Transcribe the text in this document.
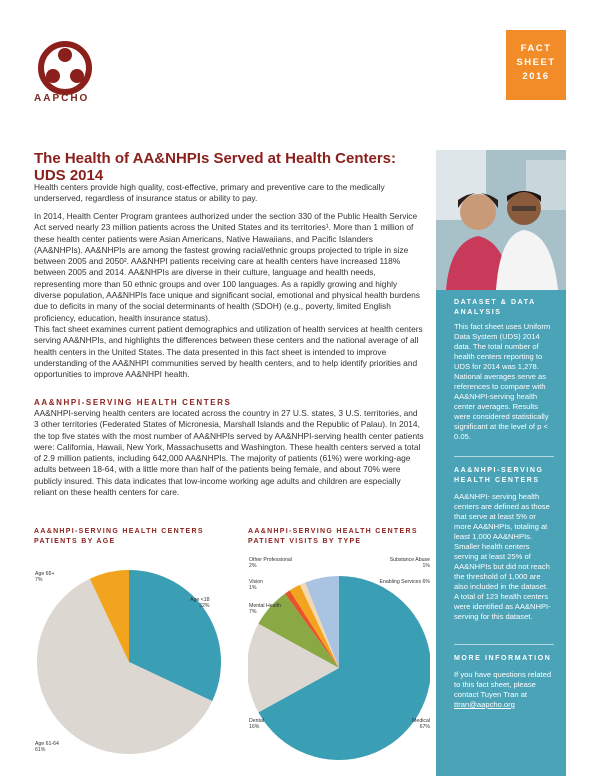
AAPCHO
FACT
SHEET
2016
The Health of AA&NHPIs Served at Health Centers: UDS 2014
Health centers provide high quality, cost-effective, primary and preventive care to the medically underserved, regardless of insurance status or ability to pay.
In 2014, Health Center Program grantees authorized under the section 330 of the Public Health Service Act served nearly 23 million patients across the United States and its territories¹. More than 1 million of these health center patients were Asian Americans, Native Hawaiians, and Pacific Islanders (AA&NHPIs). AA&NHPIs are among the fastest growing racial/ethnic groups projected to triple in size between 2005 and 2050². AA&NHPI patients receiving care at health centers have increased 118% between 2005 and 2014. AA&NHPIs are diverse in their culture, language and health needs, representing more than 50 ethnic groups and over 100 languages. As a rapidly growing and highly diverse population, AA&NHPIs face unique and significant social, emotional and physical health burdens due to deficits in many of the social determinants of health (SDOH) (e.g., poverty, limited English proficiency, education, health insurance status).
This fact sheet examines current patient demographics and utilization of health services at health centers serving AA&NHPIs, and highlights the differences between these centers and the national average of all health centers in the United States. The data presented in this fact sheet is intended to improve understanding of the AA&NHPI communities served by health centers, and to help identify priorities and opportunities to improve AA&NHPI health.
AA&NHPI-SERVING HEALTH CENTERS
AA&NHPI-serving health centers are located across the country in 27 U.S. states, 3 U.S. territories, and 3 other territories (Federated States of Micronesia, Marshall Islands and the Republic of Palau). In 2014, the top five states with the most number of AA&NHPIs served by AA&NHPI-serving health center patients were: California, Hawaii, New York, Massachusetts and Washington. These health centers served a total of 2.9 million patients, including 642,000 AA&NHPIs. The majority of patients (61%) were working-age adults between 18-64, with a little more than half of the patients being female, and about 70% were publicly insured. This data indicates that low-income working age adults and children are especially reliant on these health centers for care.
AA&NHPI-SERVING HEALTH CENTERS
PATIENTS BY AGE
AA&NHPI-SERVING HEALTH CENTERS
PATIENT VISITS BY TYPE
Age 65+
7%
Age <18
32%
Age 61-64
61%
Other Professional
2%
Vision
1%
Mental Health
7%
Dental
16%
Substance Abuse
1%
Enabling Services 6%
Medical
67%
DATASET & DATA
ANALYSIS
This fact sheet uses Uniform Data System (UDS) 2014 data. The total number of health centers reporting to UDS for 2014 was 1,278. National averages serve as references to compare with AA&NHPI-serving health center averages. Results were considered statistically significant at the level of p < 0.05.
AA&NHPI-SERVING
HEALTH CENTERS
AA&NHPI- serving health centers are defined as those that serve at least 5% or more AA&NHPIs, totaling at least 1,000 AA&NHPIs. Smaller health centers serving at least 25% of AA&NHPIs but did not reach the threshold of 1,000 are also included in the dataset. A total of 123 health centers were identified as AA&NHPI-serving for this dataset.
MORE INFORMATION
If you have questions related to this fact sheet, please contact Tuyen Tran at ttran@aapcho.org
